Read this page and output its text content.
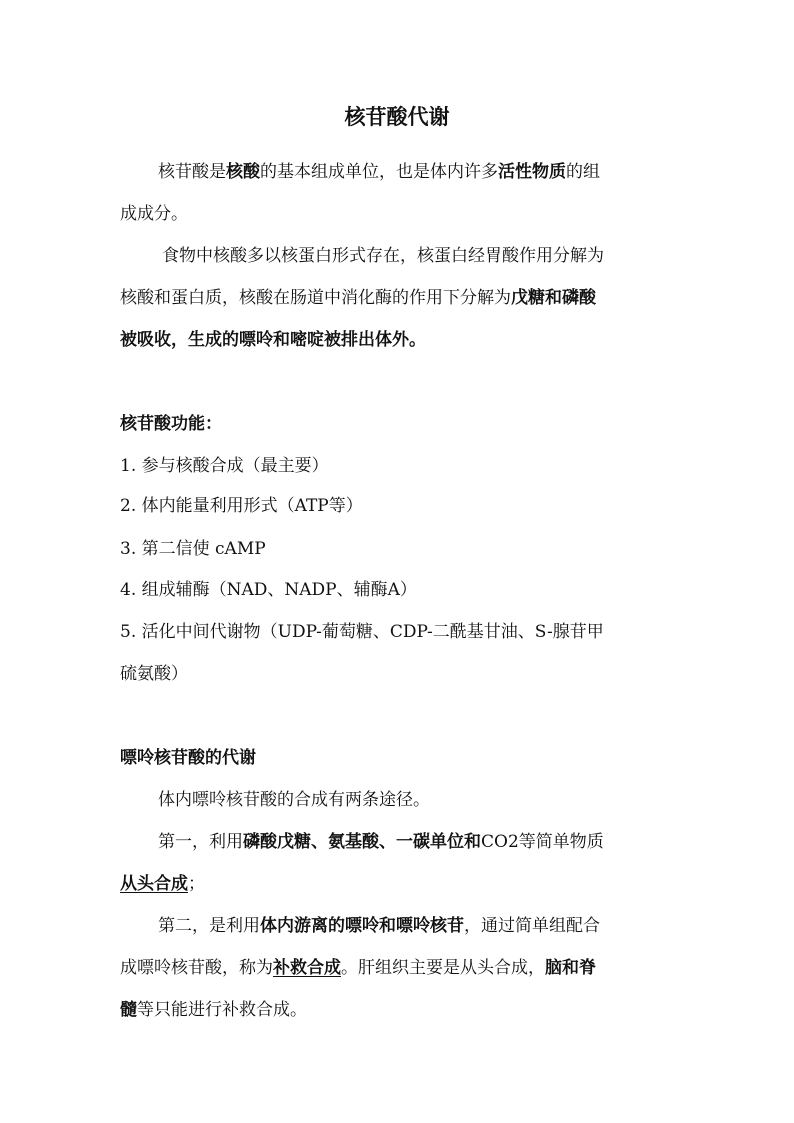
核苷酸代谢
核苷酸是核酸的基本组成单位，也是体内许多活性物质的组
成成分。
食物中核酸多以核蛋白形式存在，核蛋白经胃酸作用分解为
核酸和蛋白质，核酸在肠道中消化酶的作用下分解为戊糖和磷酸
被吸收，生成的嘌呤和嘧啶被排出体外。
核苷酸功能：
1. 参与核酸合成（最主要）
2. 体内能量利用形式（ATP等）
3. 第二信使 cAMP
4. 组成辅酶（NAD、NADP、辅酶A）
5. 活化中间代谢物（UDP-葡萄糖、CDP-二酰基甘油、S-腺苷甲
硫氨酸）
嘌呤核苷酸的代谢
体内嘌呤核苷酸的合成有两条途径。
第一，利用磷酸戊糖、氨基酸、一碳单位和CO2等简单物质
从头合成；
第二，是利用体内游离的嘌呤和嘌呤核苷，通过简单组配合
成嘌呤核苷酸，称为补救合成。肝组织主要是从头合成，脑和脊
髓等只能进行补救合成。
